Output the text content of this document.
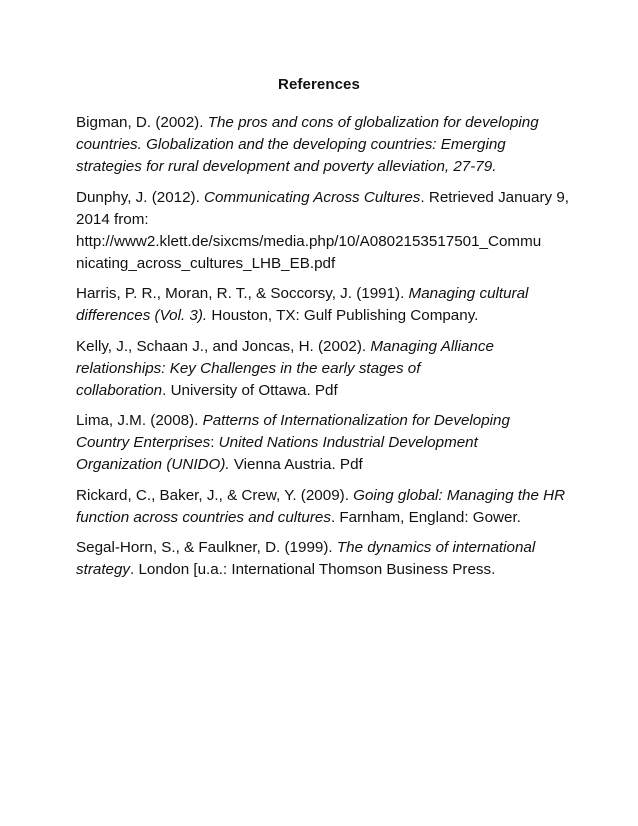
References
Bigman, D. (2002). The pros and cons of globalization for developing
countries. Globalization and the developing countries: Emerging
strategies for rural development and poverty alleviation, 27-79.
Dunphy, J. (2012). Communicating Across Cultures. Retrieved January 9,
2014 from:
http://www2.klett.de/sixcms/media.php/10/A0802153517501_Commu
nicating_across_cultures_LHB_EB.pdf
Harris, P. R., Moran, R. T., & Soccorsy, J. (1991). Managing cultural
differences (Vol. 3). Houston, TX: Gulf Publishing Company.
Kelly, J., Schaan J., and Joncas, H. (2002). Managing Alliance
relationships: Key Challenges in the early stages of
collaboration. University of Ottawa. Pdf
Lima, J.M. (2008). Patterns of Internationalization for Developing
Country Enterprises: United Nations Industrial Development
Organization (UNIDO). Vienna Austria. Pdf
Rickard, C., Baker, J., & Crew, Y. (2009). Going global: Managing the HR
function across countries and cultures. Farnham, England: Gower.
Segal-Horn, S., & Faulkner, D. (1999). The dynamics of international
strategy. London [u.a.: International Thomson Business Press.
